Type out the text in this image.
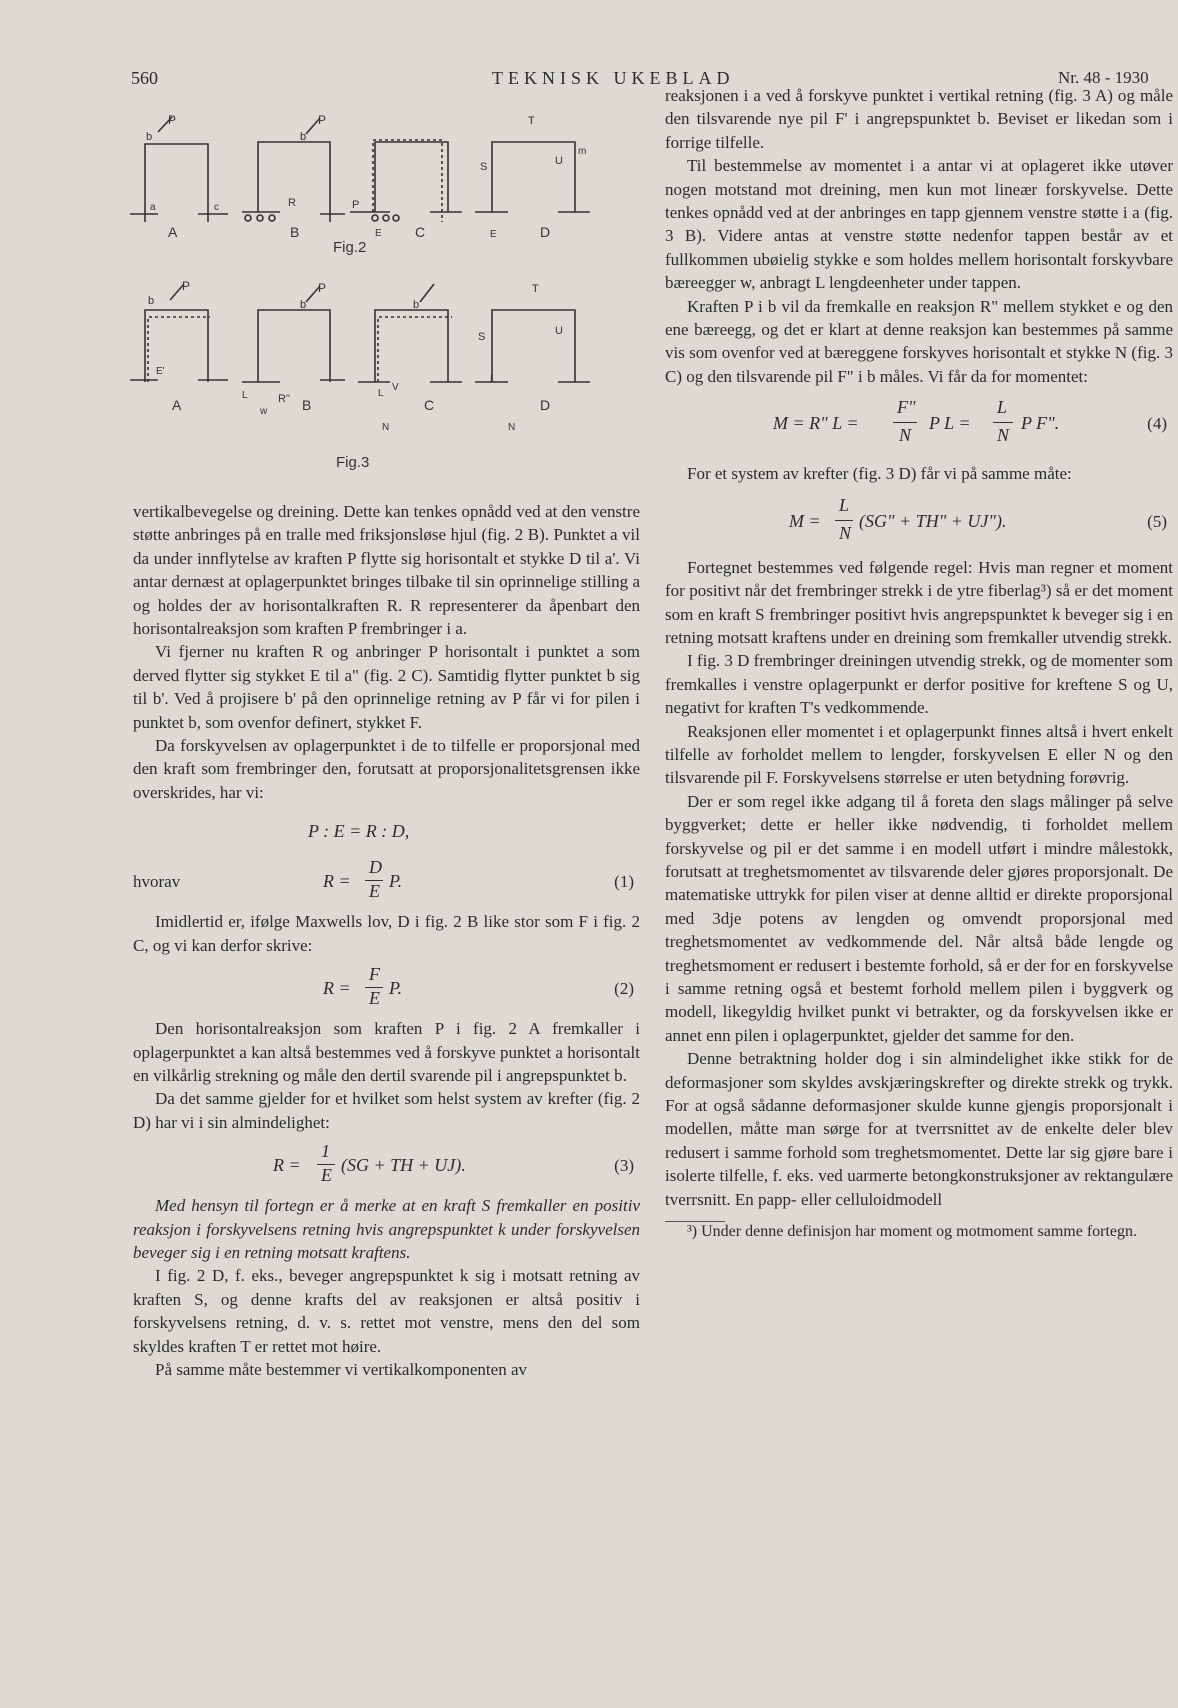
560	TEKNISK UKEBLAD	Nr. 48 - 1930
b
P
a	c
A
b
P
R
B
P
C
E
T
S	U
m
D
E
Fig.2
b
P
E'
A
b
P
L	R"
w B
b
L
V
N
C
T
S	U
L
N
D
Fig.3

vertikalbevegelse og dreining. Dette kan tenkes opnådd ved at den venstre støtte anbringes på en tralle med friksjonsløse hjul (fig. 2 B). Punktet a vil da under innflytelse av kraften P flytte sig horisontalt et stykke D til a'. Vi antar dernæst at oplagerpunktet bringes tilbake til sin oprinnelige stilling a og holdes der av horisontalkraften R. R representerer da åpenbart den horisontalreaksjon som kraften P frembringer i a.

Vi fjerner nu kraften R og anbringer P horisontalt i punktet a som derved flytter sig stykket E til a" (fig. 2 C). Samtidig flytter punktet b sig til b'. Ved å projisere b' på den oprinnelige retning av P får vi for pilen i punktet b, som ovenfor definert, stykket F.

Da forskyvelsen av oplagerpunktet i de to tilfelle er proporsjonal med den kraft som frembringer den, forutsatt at proporsjonalitetsgrensen ikke overskrides, har vi:

P : E = R : D,
hvorav	R =
D
E P.	(1)

Imidlertid er, ifølge Maxwells lov, D i fig. 2 B like stor som F i fig. 2 C, og vi kan derfor skrive:

R =
F
E P.	(2)

Den horisontalreaksjon som kraften P i fig. 2 A fremkaller i oplagerpunktet a kan altså bestemmes ved å forskyve punktet a horisontalt en vilkårlig strekning og måle den dertil svarende pil i angrepspunktet b.

Da det samme gjelder for et hvilket som helst system av krefter (fig. 2 D) har vi i sin almindelighet:

R =
1
E (SG + TH + UJ).	(3)

Med hensyn til fortegn er å merke at en kraft S fremkaller en positiv reaksjon i forskyvelsens retning hvis angrepspunktet k under forskyvelsen beveger sig i en retning motsatt kraftens.

I fig. 2 D, f. eks., beveger angrepspunktet k sig i motsatt retning av kraften S, og denne krafts del av reaksjonen er altså positiv i forskyvelsens retning, d. v. s. rettet mot venstre, mens den del som skyldes kraften T er rettet mot høire.

På samme måte bestemmer vi vertikalkomponenten av

reaksjonen i a ved å forskyve punktet i vertikal retning (fig. 3 A) og måle den tilsvarende nye pil F' i angrepspunktet b. Beviset er likedan som i forrige tilfelle.

Til bestemmelse av momentet i a antar vi at oplageret ikke utøver nogen motstand mot dreining, men kun mot lineær forskyvelse. Dette tenkes opnådd ved at der anbringes en tapp gjennem venstre støtte i a (fig. 3 B). Videre antas at venstre støtte nedenfor tappen består av et fullkommen ubøielig stykke e som holdes mellem horisontalt forskyvbare bæreegger w, anbragt L lengdeenheter under tappen.

Kraften P i b vil da fremkalle en reaksjon R" mellem stykket e og den ene bæreegg, og det er klart at denne reaksjon kan bestemmes på samme vis som ovenfor ved at bæreggene forskyves horisontalt et stykke N (fig. 3 C) og den tilsvarende pil F" i b måles. Vi får da for momentet:

M = R" L =
F"
N
P L =
L
N
P F".	(4)

For et system av krefter (fig. 3 D) får vi på samme måte:

M =
L
N
(SG" + TH" + UJ").	(5)

Fortegnet bestemmes ved følgende regel: Hvis man regner et moment for positivt når det frembringer strekk i de ytre fiberlag³) så er det moment som en kraft S frembringer positivt hvis angrepspunktet k beveger sig i en retning motsatt kraftens under en dreining som fremkaller utvendig strekk.

I fig. 3 D frembringer dreiningen utvendig strekk, og de momenter som fremkalles i venstre oplagerpunkt er derfor positive for kreftene S og U, negativt for kraften T's vedkommende.

Reaksjonen eller momentet i et oplagerpunkt finnes altså i hvert enkelt tilfelle av forholdet mellem to lengder, forskyvelsen E eller N og den tilsvarende pil F. Forskyvelsens størrelse er uten betydning forøvrig.

Der er som regel ikke adgang til å foreta den slags målinger på selve byggverket; dette er heller ikke nødvendig, ti forholdet mellem forskyvelse og pil er det samme i en modell utført i mindre målestokk, forutsatt at treghetsmomentet av tilsvarende deler gjøres proporsjonalt. De matematiske uttrykk for pilen viser at denne alltid er direkte proporsjonal med 3dje potens av lengden og omvendt proporsjonal med treghetsmomentet av vedkommende del. Når altså både lengde og treghetsmoment er redusert i bestemte forhold, så er der for en forskyvelse i samme retning også et bestemt forhold mellem pilen i byggverk og modell, likegyldig hvilket punkt vi betrakter, og da forskyvelsen ikke er annet enn pilen i oplagerpunktet, gjelder det samme for den.

Denne betraktning holder dog i sin almindelighet ikke stikk for de deformasjoner som skyldes avskjæringskrefter og direkte strekk og trykk. For at også sådanne deformasjoner skulde kunne gjengis proporsjonalt i modellen, måtte man sørge for at tverrsnittet av de enkelte deler blev redusert i samme forhold som treghetsmomentet. Dette lar sig gjøre bare i isolerte tilfelle, f. eks. ved uarmerte betongkonstruksjoner av rektangulære tverrsnitt. En papp- eller celluloidmodell

³) Under denne definisjon har moment og motmoment samme fortegn.
